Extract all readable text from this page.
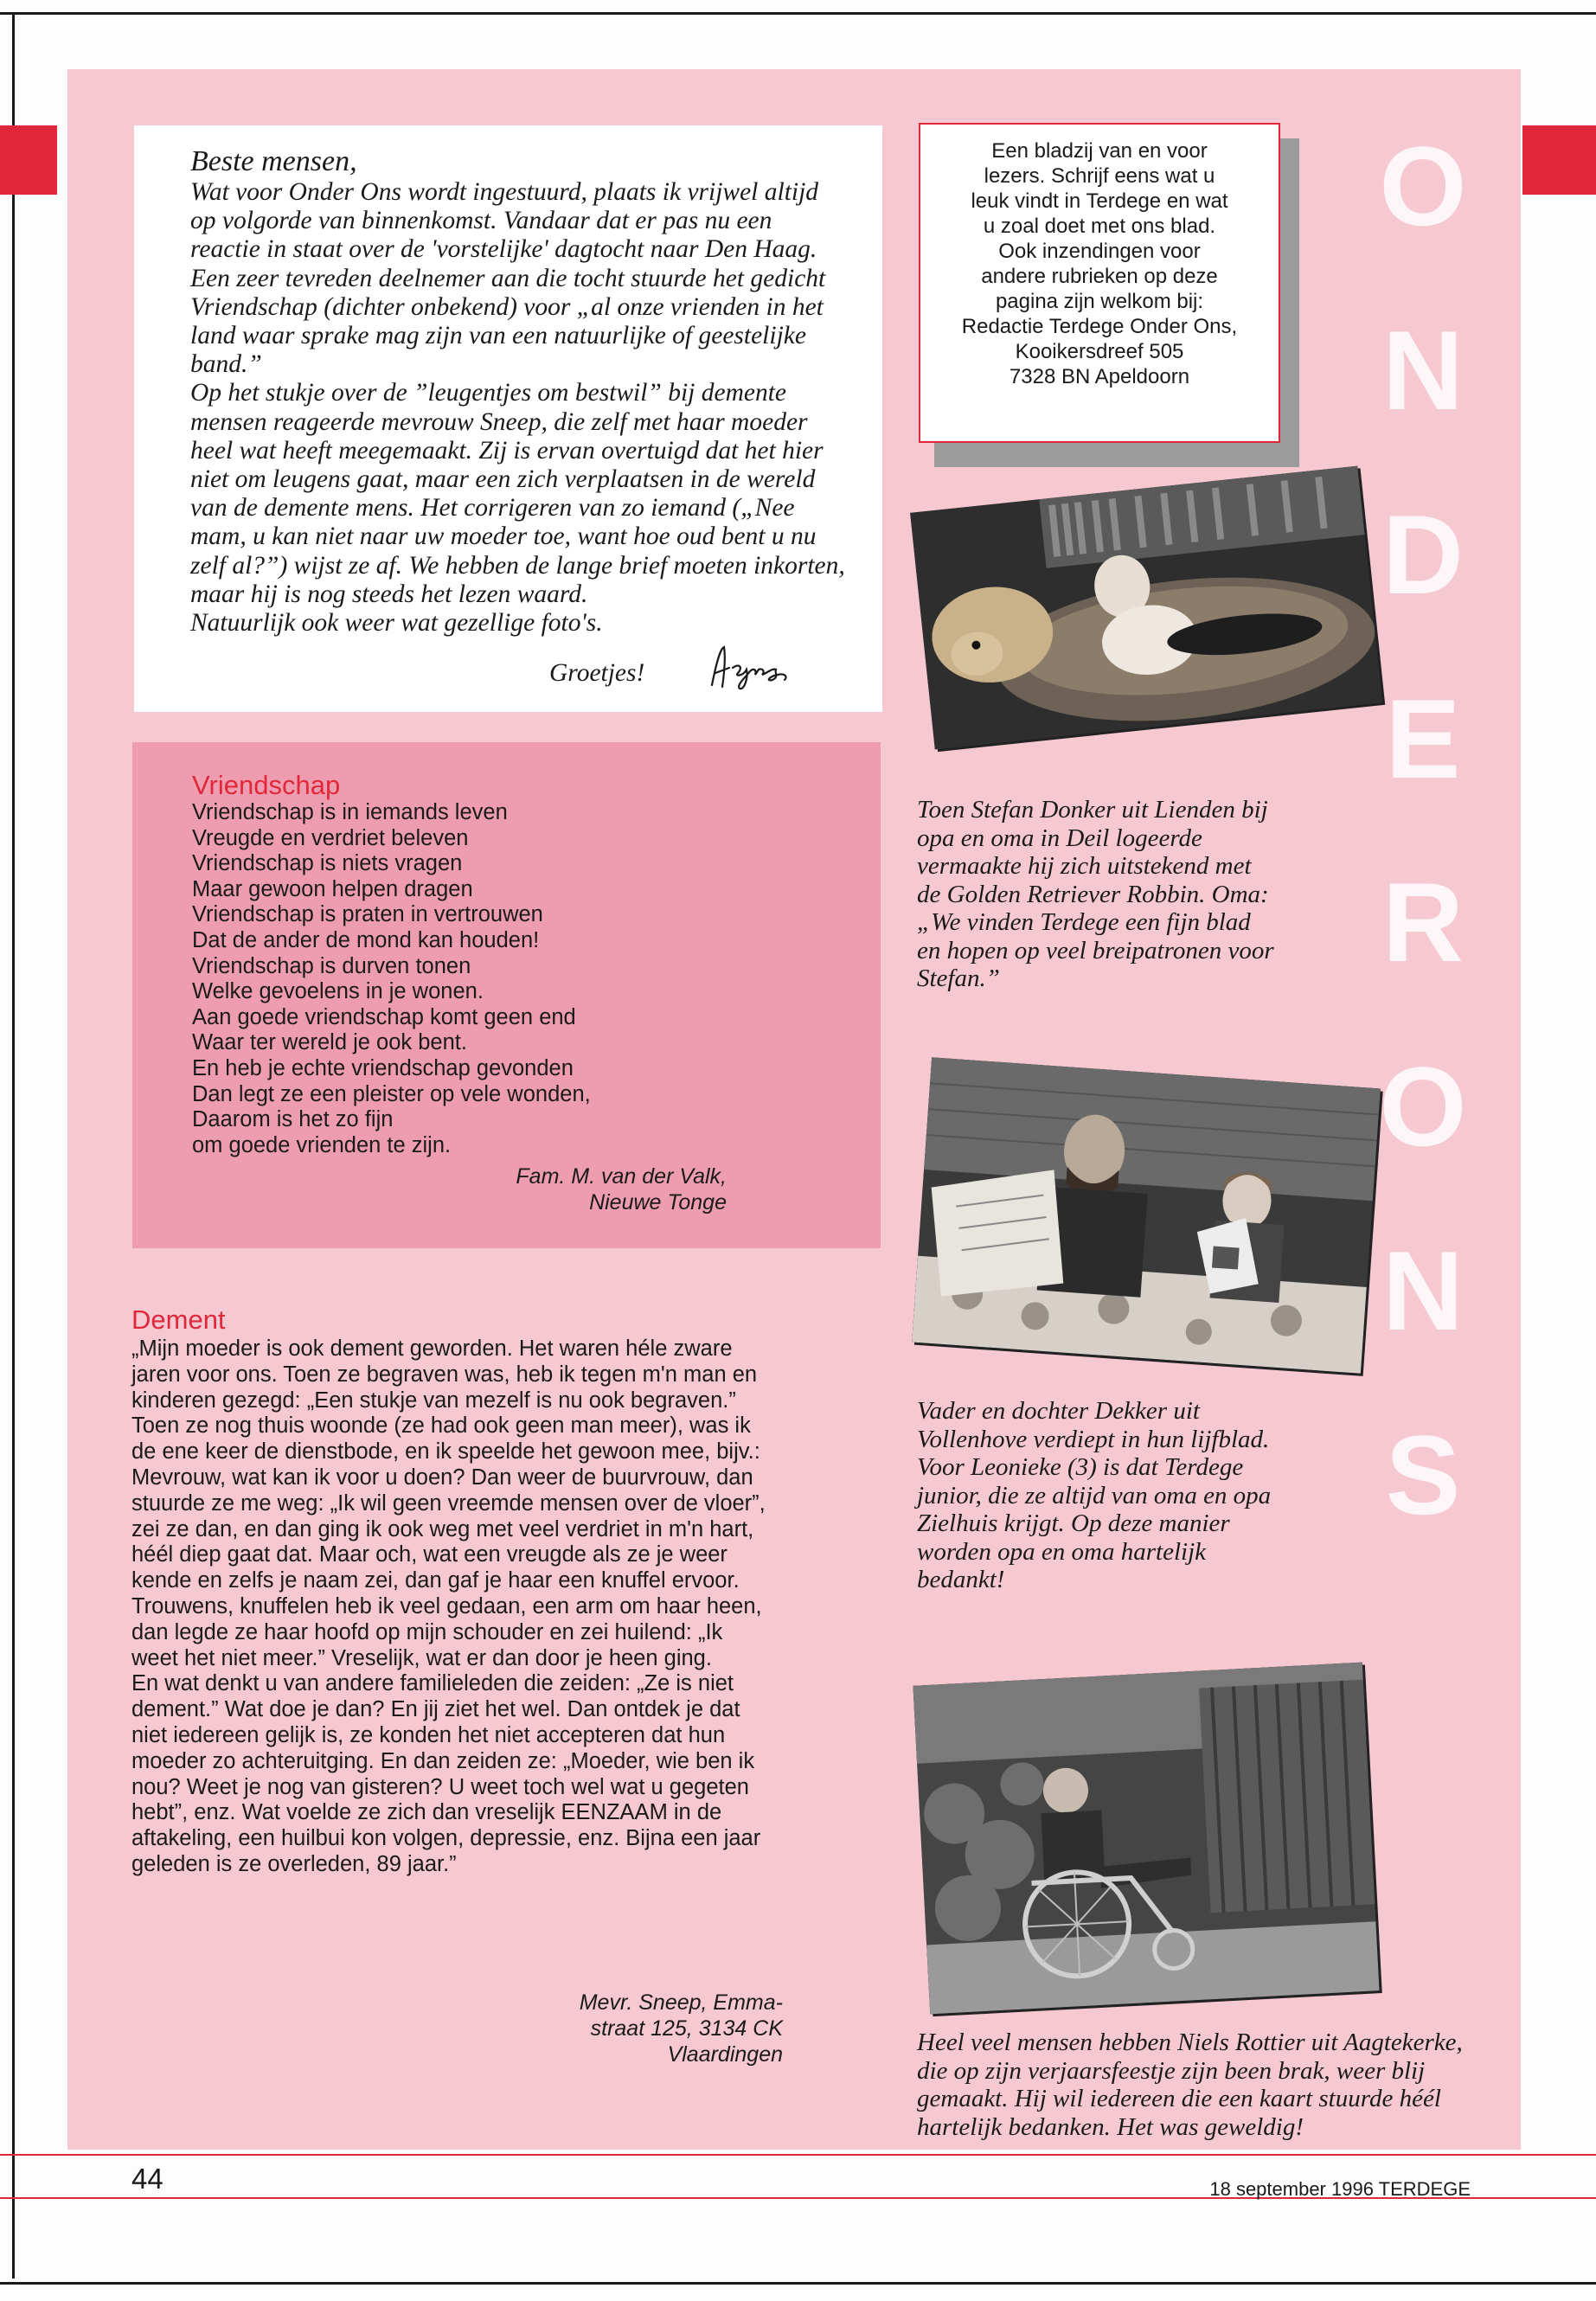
O
N
D
E
R
O
N
S

Beste mensen,

Wat voor Onder Ons wordt ingestuurd, plaats ik vrijwel altijd op volgorde van binnenkomst. Vandaar dat er pas nu een reactie in staat over de 'vorstelijke' dagtocht naar Den Haag. Een zeer tevreden deelnemer aan die tocht stuurde het gedicht Vriendschap (dichter onbekend) voor „al onze vrienden in het land waar sprake mag zijn van een natuurlijke of geestelijke band.”

Op het stukje over de ”leugentjes om bestwil” bij demente mensen reageerde mevrouw Sneep, die zelf met haar moeder heel wat heeft meegemaakt. Zij is ervan overtuigd dat het hier niet om leugens gaat, maar een zich verplaatsen in de wereld van de demente mens. Het corrigeren van zo iemand („Nee mam, u kan niet naar uw moeder toe, want hoe oud bent u nu zelf al?”) wijst ze af. We hebben de lange brief moeten inkorten, maar hij is nog steeds het lezen waard.

Natuurlijk ook weer wat gezellige foto's.

Groetjes!
Een bladzij van en voor
lezers. Schrijf eens wat u
leuk vindt in Terdege en wat
u zoal doet met ons blad.
Ook inzendingen voor
andere rubrieken op deze
pagina zijn welkom bij:
Redactie Terdege Onder Ons,
Kooikersdreef 505
7328 BN Apeldoorn
Vriendschap
Vriendschap is in iemands leven
Vreugde en verdriet beleven
Vriendschap is niets vragen
Maar gewoon helpen dragen
Vriendschap is praten in vertrouwen
Dat de ander de mond kan houden!
Vriendschap is durven tonen
Welke gevoelens in je wonen.
Aan goede vriendschap komt geen end
Waar ter wereld je ook bent.
En heb je echte vriendschap gevonden
Dan legt ze een pleister op vele wonden,
Daarom is het zo fijn
om goede vrienden te zijn.
Fam. M. van der Valk,
Nieuwe Tonge
Dement

„Mijn moeder is ook dement geworden. Het waren héle zware jaren voor ons. Toen ze begraven was, heb ik tegen m'n man en kinderen gezegd: „Een stukje van mezelf is nu ook begraven.”

Toen ze nog thuis woonde (ze had ook geen man meer), was ik de ene keer de dienstbode, en ik speelde het gewoon mee, bijv.: Mevrouw, wat kan ik voor u doen? Dan weer de buurvrouw, dan stuurde ze me weg: „Ik wil geen vreemde mensen over de vloer”, zei ze dan, en dan ging ik ook weg met veel verdriet in m'n hart, héél diep gaat dat. Maar och, wat een vreugde als ze je weer kende en zelfs je naam zei, dan gaf je haar een knuffel ervoor. Trouwens, knuffelen heb ik veel gedaan, een arm om haar heen, dan legde ze haar hoofd op mijn schouder en zei huilend: „Ik weet het niet meer.” Vreselijk, wat er dan door je heen ging.

En wat denkt u van andere familieleden die zeiden: „Ze is niet dement.” Wat doe je dan? En jij ziet het wel. Dan ontdek je dat niet iedereen gelijk is, ze konden het niet accepteren dat hun moeder zo achteruitging. En dan zeiden ze: „Moeder, wie ben ik nou? Weet je nog van gisteren? U weet toch wel wat u gegeten hebt”, enz. Wat voelde ze zich dan vreselijk EENZAAM in de aftakeling, een huilbui kon volgen, depressie, enz. Bijna een jaar geleden is ze overleden, 89 jaar.”

Mevr. Sneep, Emma-
straat 125, 3134 CK
Vlaardingen
Toen Stefan Donker uit Lienden bij opa en oma in Deil logeerde vermaakte hij zich uitstekend met de Golden Retriever Robbin. Oma: „We vinden Terdege een fijn blad en hopen op veel breipatronen voor Stefan.”
Vader en dochter Dekker uit Vollenhove verdiept in hun lijfblad. Voor Leonieke (3) is dat Terdege junior, die ze altijd van oma en opa Zielhuis krijgt. Op deze manier worden opa en oma hartelijk bedankt!
Heel veel mensen hebben Niels Rottier uit Aagtekerke, die op zijn verjaarsfeestje zijn been brak, weer blij gemaakt. Hij wil iedereen die een kaart stuurde héél hartelijk bedanken. Het was geweldig!
44	18 september 1996 TERDEGE
